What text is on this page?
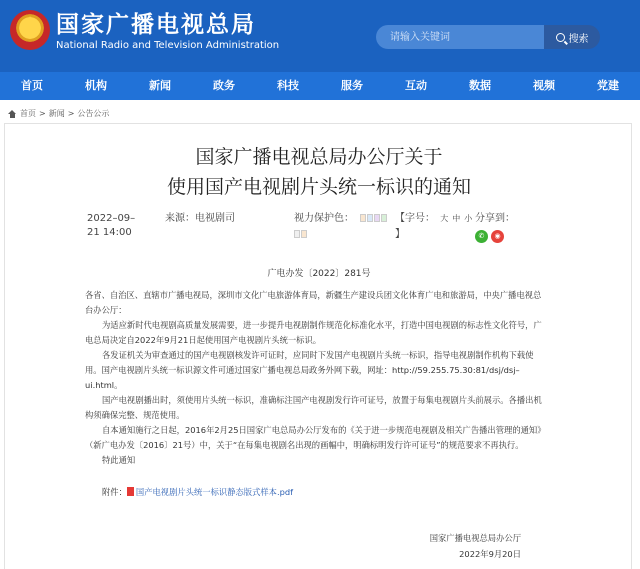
★ 国家广播电视总局
National Radio and Television Administration
请输入关键词
搜索
首页	机构	新闻	政务	科技	服务	互动	数据	视频	党建
首页 > 新闻 > 公告公示
国家广播电视总局办公厅关于
使用国产电视剧片头统一标识的通知
2022–09–
21 14:00
来源：电视剧司	视力保护色：	【字号： 大 中 小
】
分享到：
✆	◉
广电办发〔2022〕281号

各省、自治区、直辖市广播电视局，深圳市文化广电旅游体育局，新疆生产建设兵团文化体育广电和旅游局，中央广播电视总台办公厅：

为适应新时代电视剧高质量发展需要，进一步提升电视剧制作规范化标准化水平，打造中国电视剧的标志性文化符号，广电总局决定自2022年9月21日起使用国产电视剧片头统一标识。

各发证机关为审查通过的国产电视剧核发许可证时，应同时下发国产电视剧片头统一标识，指导电视剧制作机构下载使用。国产电视剧片头统一标识源文件可通过国家广播电视总局政务外网下载，网址：http://59.255.75.30:81/dsj/dsj–ui.html。

国产电视剧播出时，须使用片头统一标识，准确标注国产电视剧发行许可证号，放置于每集电视剧片头前展示。各播出机构须确保完整、规范使用。

自本通知施行之日起，2016年2月25日国家广电总局办公厅发布的《关于进一步规范电视剧及相关广告播出管理的通知》（新广电办发〔2016〕21号）中，关于“在每集电视剧名出现的画幅中，明确标明发行许可证号”的规范要求不再执行。

特此通知

附件： 国产电视剧片头统一标识静态版式样本.pdf
国家广播电视总局办公厅
2022年9月20日
